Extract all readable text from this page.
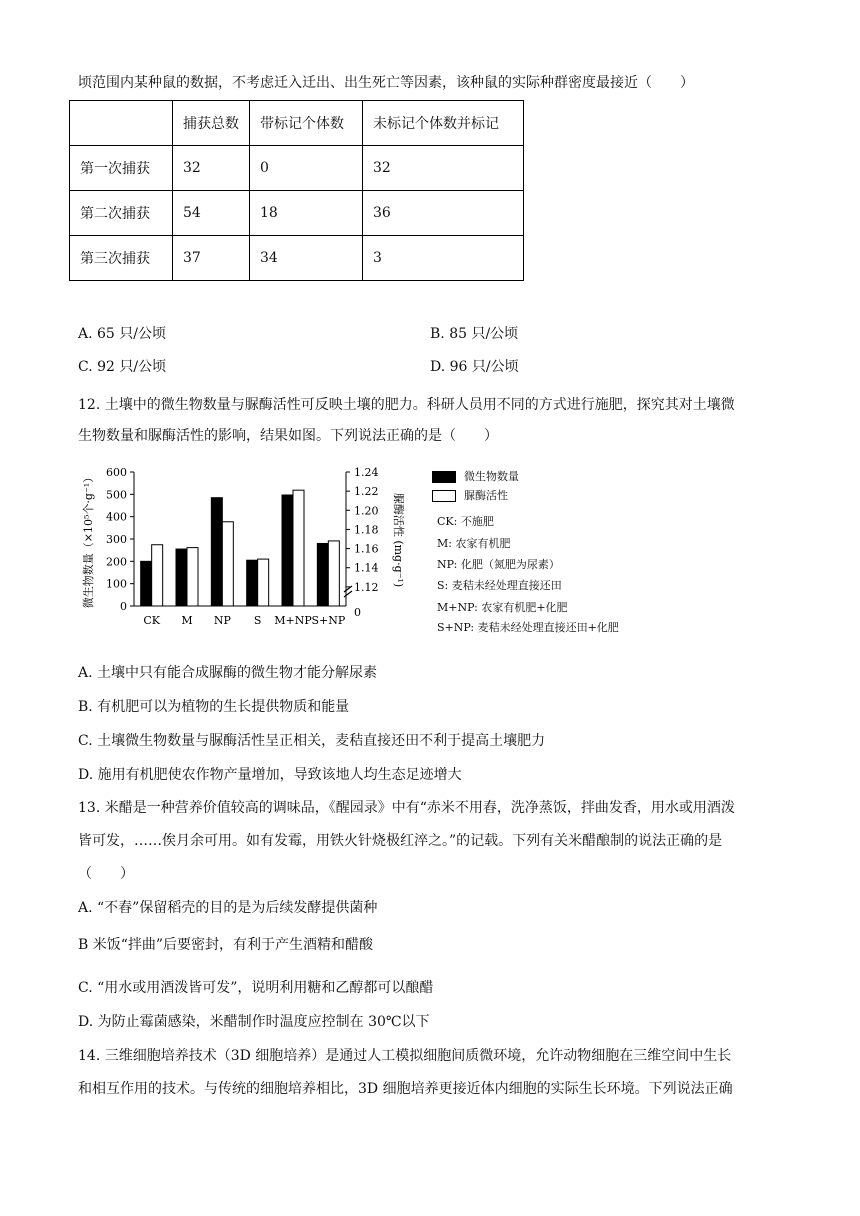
顷范围内某种鼠的数据，不考虑迁入迁出、出生死亡等因素，该种鼠的实际种群密度最接近（　　）
	捕获总数	带标记个体数	未标记个体数并标记
第一次捕获	32	0	32
第二次捕获	54	18	36
第三次捕获	37	34	3
A. 65 只/公顷	B. 85 只/公顷
C. 92 只/公顷	D. 96 只/公顷
12. 土壤中的微生物数量与脲酶活性可反映土壤的肥力。科研人员用不同的方式进行施肥，探究其对土壤微
生物数量和脲酶活性的影响，结果如图。下列说法正确的是（　　）
微生物数量（×10⁵个·g⁻¹）	脲酶活性 (mg·g⁻¹)
0
100
200
300
400
500
600
0
1.12
1.14
1.16
1.18
1.20
1.22
1.24
CK M NP S M+NP S+NP
微生物数量
脲酶活性
CK: 不施肥
M: 农家有机肥
NP: 化肥（氮肥为尿素）
S: 麦秸未经处理直接还田
M+NP: 农家有机肥+化肥
S+NP: 麦秸未经处理直接还田+化肥
A. 土壤中只有能合成脲酶的微生物才能分解尿素
B. 有机肥可以为植物的生长提供物质和能量
C. 土壤微生物数量与脲酶活性呈正相关，麦秸直接还田不利于提高土壤肥力
D. 施用有机肥使农作物产量增加，导致该地人均生态足迹增大
13. 米醋是一种营养价值较高的调味品，《醒园录》中有“赤米不用舂，洗净蒸饭，拌曲发香，用水或用酒泼
皆可发，……俟月余可用。如有发霉，用铁火针烧极红淬之。”的记载。下列有关米醋酿制的说法正确的是
（　　）
A. “不舂”保留稻壳的目的是为后续发酵提供菌种
B 米饭“拌曲”后要密封，有利于产生酒精和醋酸
C. “用水或用酒泼皆可发”，说明利用糖和乙醇都可以酿醋
D. 为防止霉菌感染，米醋制作时温度应控制在 30℃以下
14. 三维细胞培养技术（3D 细胞培养）是通过人工模拟细胞间质微环境，允许动物细胞在三维空间中生长
和相互作用的技术。与传统的细胞培养相比，3D 细胞培养更接近体内细胞的实际生长环境。下列说法正确
